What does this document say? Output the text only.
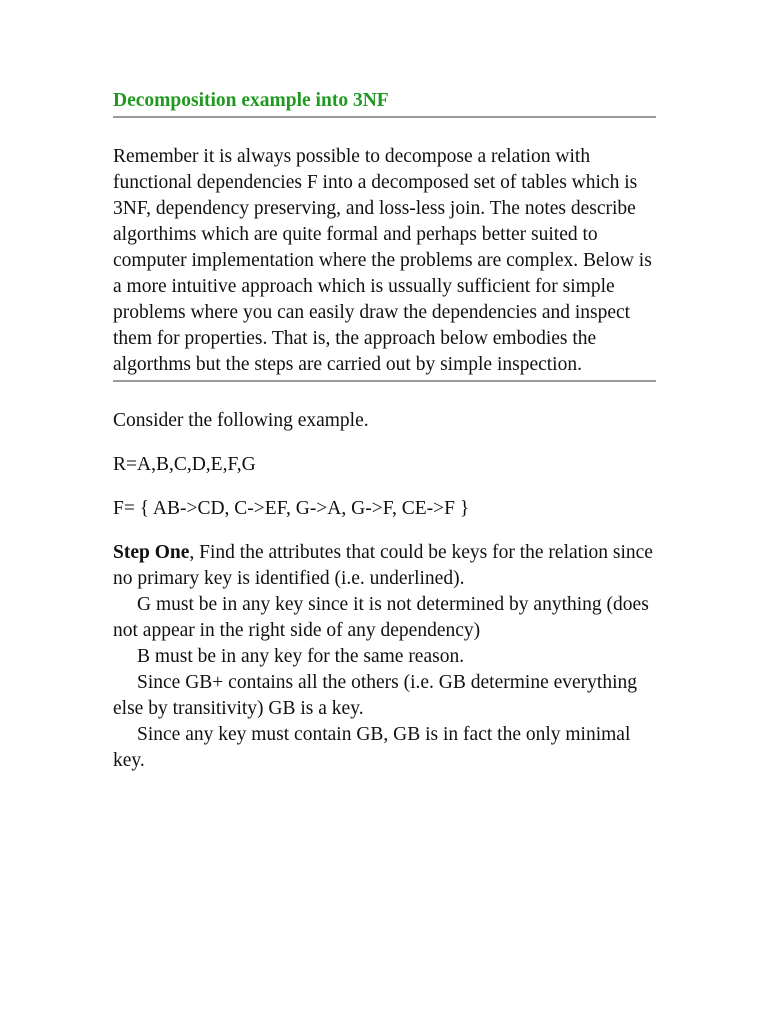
Decomposition example into 3NF

Remember it is always possible to decompose a relation with functional dependencies F into a decomposed set of tables which is 3NF, dependency preserving, and loss-less join. The notes describe algorthims which are quite formal and perhaps better suited to computer implementation where the problems are complex. Below is a more intuitive approach which is ussually sufficient for simple problems where you can easily draw the dependencies and inspect them for properties. That is, the approach below embodies the algorthms but the steps are carried out by simple inspection.

Consider the following example.

R=A,B,C,D,E,F,G

F= { AB->CD, C->EF, G->A, G->F, CE->F }

Step One, Find the attributes that could be keys for the relation since no primary key is identified (i.e. underlined).

G must be in any key since it is not determined by anything (does not appear in the right side of any dependency)

B must be in any key for the same reason.

Since GB+ contains all the others (i.e. GB determine everything else by transitivity) GB is a key.

Since any key must contain GB, GB is in fact the only minimal key.
